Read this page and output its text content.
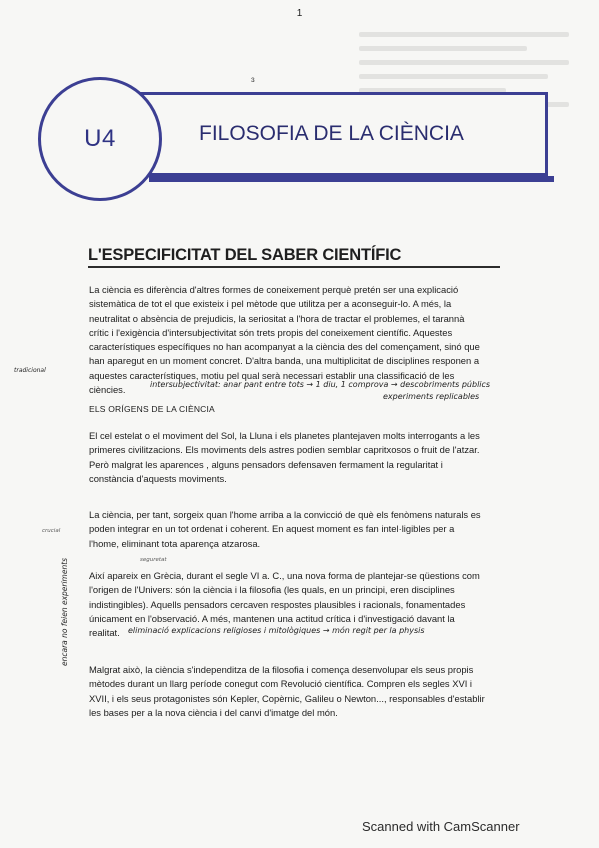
1
FILOSOFIA DE LA CIÈNCIA
U4
ɜ
L'ESPECIFICITAT DEL SABER CIENTÍFIC

La ciència es diferència d'altres formes de coneixement perquè pretén ser una explicació

sistemàtica de tot el que existeix i pel mètode que utilitza per a aconseguir-lo. A més, la

neutralitat o absència de prejudicis, la seriositat a l'hora de tractar el problemes, el tarannà

crític i l'exigència d'intersubjectivitat són trets propis del coneixement científic. Aquestes

característiques específiques no han acompanyat a la ciència des del començament, sinó que

han aparegut en un moment concret. D'altra banda, una multiplicitat de disciplines responen a

aquestes característiques, motiu pel qual serà necessari establir una classificació de les

ciències.	intersubjectivitat: anar pant entre tots → 1 diu, 1 comprova → descobriments públics
experiments replicables
tradicional
ELS ORÍGENS DE LA CIÈNCIA

El cel estelat o el moviment del Sol, la Lluna i els planetes plantejaven molts interrogants a les

primeres civilitzacions. Els moviments dels astres podien semblar capritxosos o fruit de l'atzar.

Però malgrat les aparences , alguns pensadors defensaven fermament la regularitat i

constància d'aquests moviments.

La ciència, per tant, sorgeix quan l'home arriba a la convicció de què els fenòmens naturals es

poden integrar en un tot ordenat i coherent. En aquest moment es fan intel·ligibles per a

l'home, eliminant tota aparença atzarosa.

crucial
seguretat

Així apareix en Grècia, durant el segle VI a. C., una nova forma de plantejar-se qüestions com

l'origen de l'Univers: són la ciència i la filosofia (les quals, en un principi, eren disciplines

indistingibles). Aquells pensadors cercaven respostes plausibles i racionals, fonamentades

únicament en l'observació. A més, mantenen una actitud crítica i d'investigació davant la

realitat.	eliminació explicacions religioses i mitològiques → món regit per la physis
encara no feien experiments

Malgrat això, la ciència s'independitza de la filosofia i comença desenvolupar els seus propis

mètodes durant un llarg període conegut com Revolució científica. Compren els segles XVI i

XVII, i els seus protagonistes són Kepler, Copèrnic, Galileu o Newton..., responsables d'establir

les bases per a la nova ciència i del canvi d'imatge del món.

Scanned with CamScanner
